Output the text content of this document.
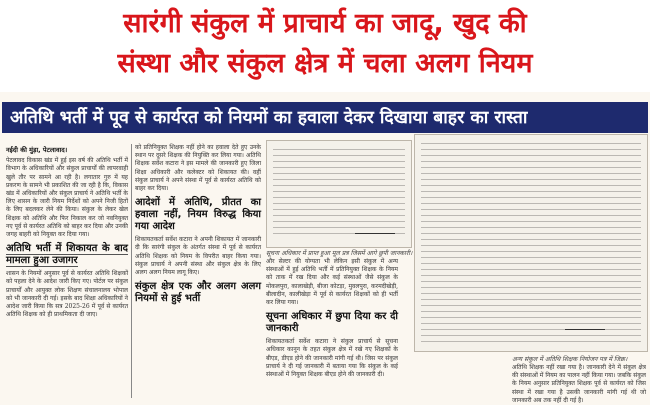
सारंगी संकुल में प्राचार्य का जादू, खुद की
संस्था और संकुल क्षेत्र में चला अलग नियम
अतिथि भर्ती में पूव से कार्यरत को नियमों का हवाला देकर दिखाया बाहर का रास्ता
नईदी की मुंड़ा, पेटलावाद।

पेटलावद विकास खंड में हुई इस वर्ष की अतिथि भर्ती में विभाग के अधिकारियों और संकुल प्राचार्यों की लापरवाही खुले तौर पर सामने आ रही है। लगातार गुरु में यह प्रकरण के सामने भी प्रकाशित की जा रही है कि, विकास खंड में अधिकारियों और संकुल प्राचार्य ने अतिथि भर्ती के लिए शासन के जारी नियम निर्देशों को अपने निजी हितों के लिए बदलकर लेने की किया। संकुल के लेकर खेल शिक्षक को अतिथि और फिर निकाल कर जो नवनियुक्त नए पूर्व से कार्यरत अतिथि को बाहर कर दिया और उनकी जगह बाहरी को नियुक्त कर दिया गया।

अतिथि भर्ती में शिकायत के बाद मामला हुआ उजागर

शासन के नियमों अनुसार पूर्व से कार्यरत अतिथि शिक्षकों को पहला देने के आदेश जारी किए गए। पोर्टल पर संकुल प्राचार्यों और आयुक्त लोक शिक्षण संचालनालय भोपाल को भी जानकारी दी गई। इसके बाद शिक्षा अधिकारियों ने आदेश जारी किया कि सत्र 2025-26 में पूर्व से कार्यरत अतिथि शिक्षक को ही प्राथमिकता दी जाए।

को प्रतिनियुक्त शिक्षक नहीं होने का हवाला देते हुए उनके स्थान पर दूसरे शिक्षक की नियुक्ति कर लिया गया। अतिथि शिक्षक सर्वेश कटारा ने इस मामले की जानकारी हुए जिला शिक्षा अधिकारी और कलेक्टर को शिकायत की। वहीं संकुल प्राचार्य ने अपने संस्था में पूर्व से कार्यरत अतिथि को बाहर कर दिया।

आदेशों में अतिथि, प्रीतत का हवाला नहीं, नियम विरुद्ध किया गया आदेश

शिकायतकर्ता सर्वेश कटारा ने अपनी शिकायत में जानकारी दी कि सारंगी संकुल के अंतर्गत संस्था में पूर्व से कार्यरत अतिथि शिक्षक को नियम के विपरीत बाहर किया गया। संकुल प्राचार्य ने अपनी संस्था और संकुल क्षेत्र के लिए अलग अलग नियम लागू किए।

संकुल क्षेत्र एक और अलग अलग नियमों से हुई भर्ती
सूचना अधिकार में प्राप्त हुआ मूल प्रत्र जिसमें आगे छुपी जानकारी।

और सेल्टर की योग्यता भी लेकिन इसी संकुल में अन्य संस्थाओं में हुई अतिथि भर्ती में प्रतिनियुक्त शिक्षक के नियम को ताक में रख दिया और कई संस्थाओं जैसे संकुल के मोकलपुरा, कालाखेड़ी, बीजा कोटड़ा, मुवलपुरा, करमदीखेड़ी, बीलादीन, कालीखेड़ा में पूर्व से कार्यरत शिक्षकों को ही भर्ती कर लिया गया।

सूचना अधिकार में छुपा दिया कर दी जानकारी

शिकायतकर्ता सर्वेश कटारा ने संकुल प्राचार्य से सूचना अधिकार कानून के तहत संकुल क्षेत्र में रखे गए शिक्षकों के बीएड, डीएड होने की जानकारी मांगी गई थी। जिस पर संकुल प्राचार्य ने दी गई जानकारी में बताया गया कि संकुल के कई संस्थाओं में नियुक्त शिक्षक बीएड होने की जानकारी दी।

अन्य संकुल में अतिथि शिक्षक नियोजन पत्र में जिक्र।

अतिथि शिक्षक नहीं रखा गया है। जानकारी देने में संकुल क्षेत्र की संस्थाओं में नियम का पालन नहीं किया गया। जबकि संकुल के नियम अनुसार प्रतिनियुक्त शिक्षक पूर्व से कार्यरत को जिस संस्था में रखा गया है उसकी जानकारी मांगी गई थी जो जानकारी अब तक नहीं दी गई है।
